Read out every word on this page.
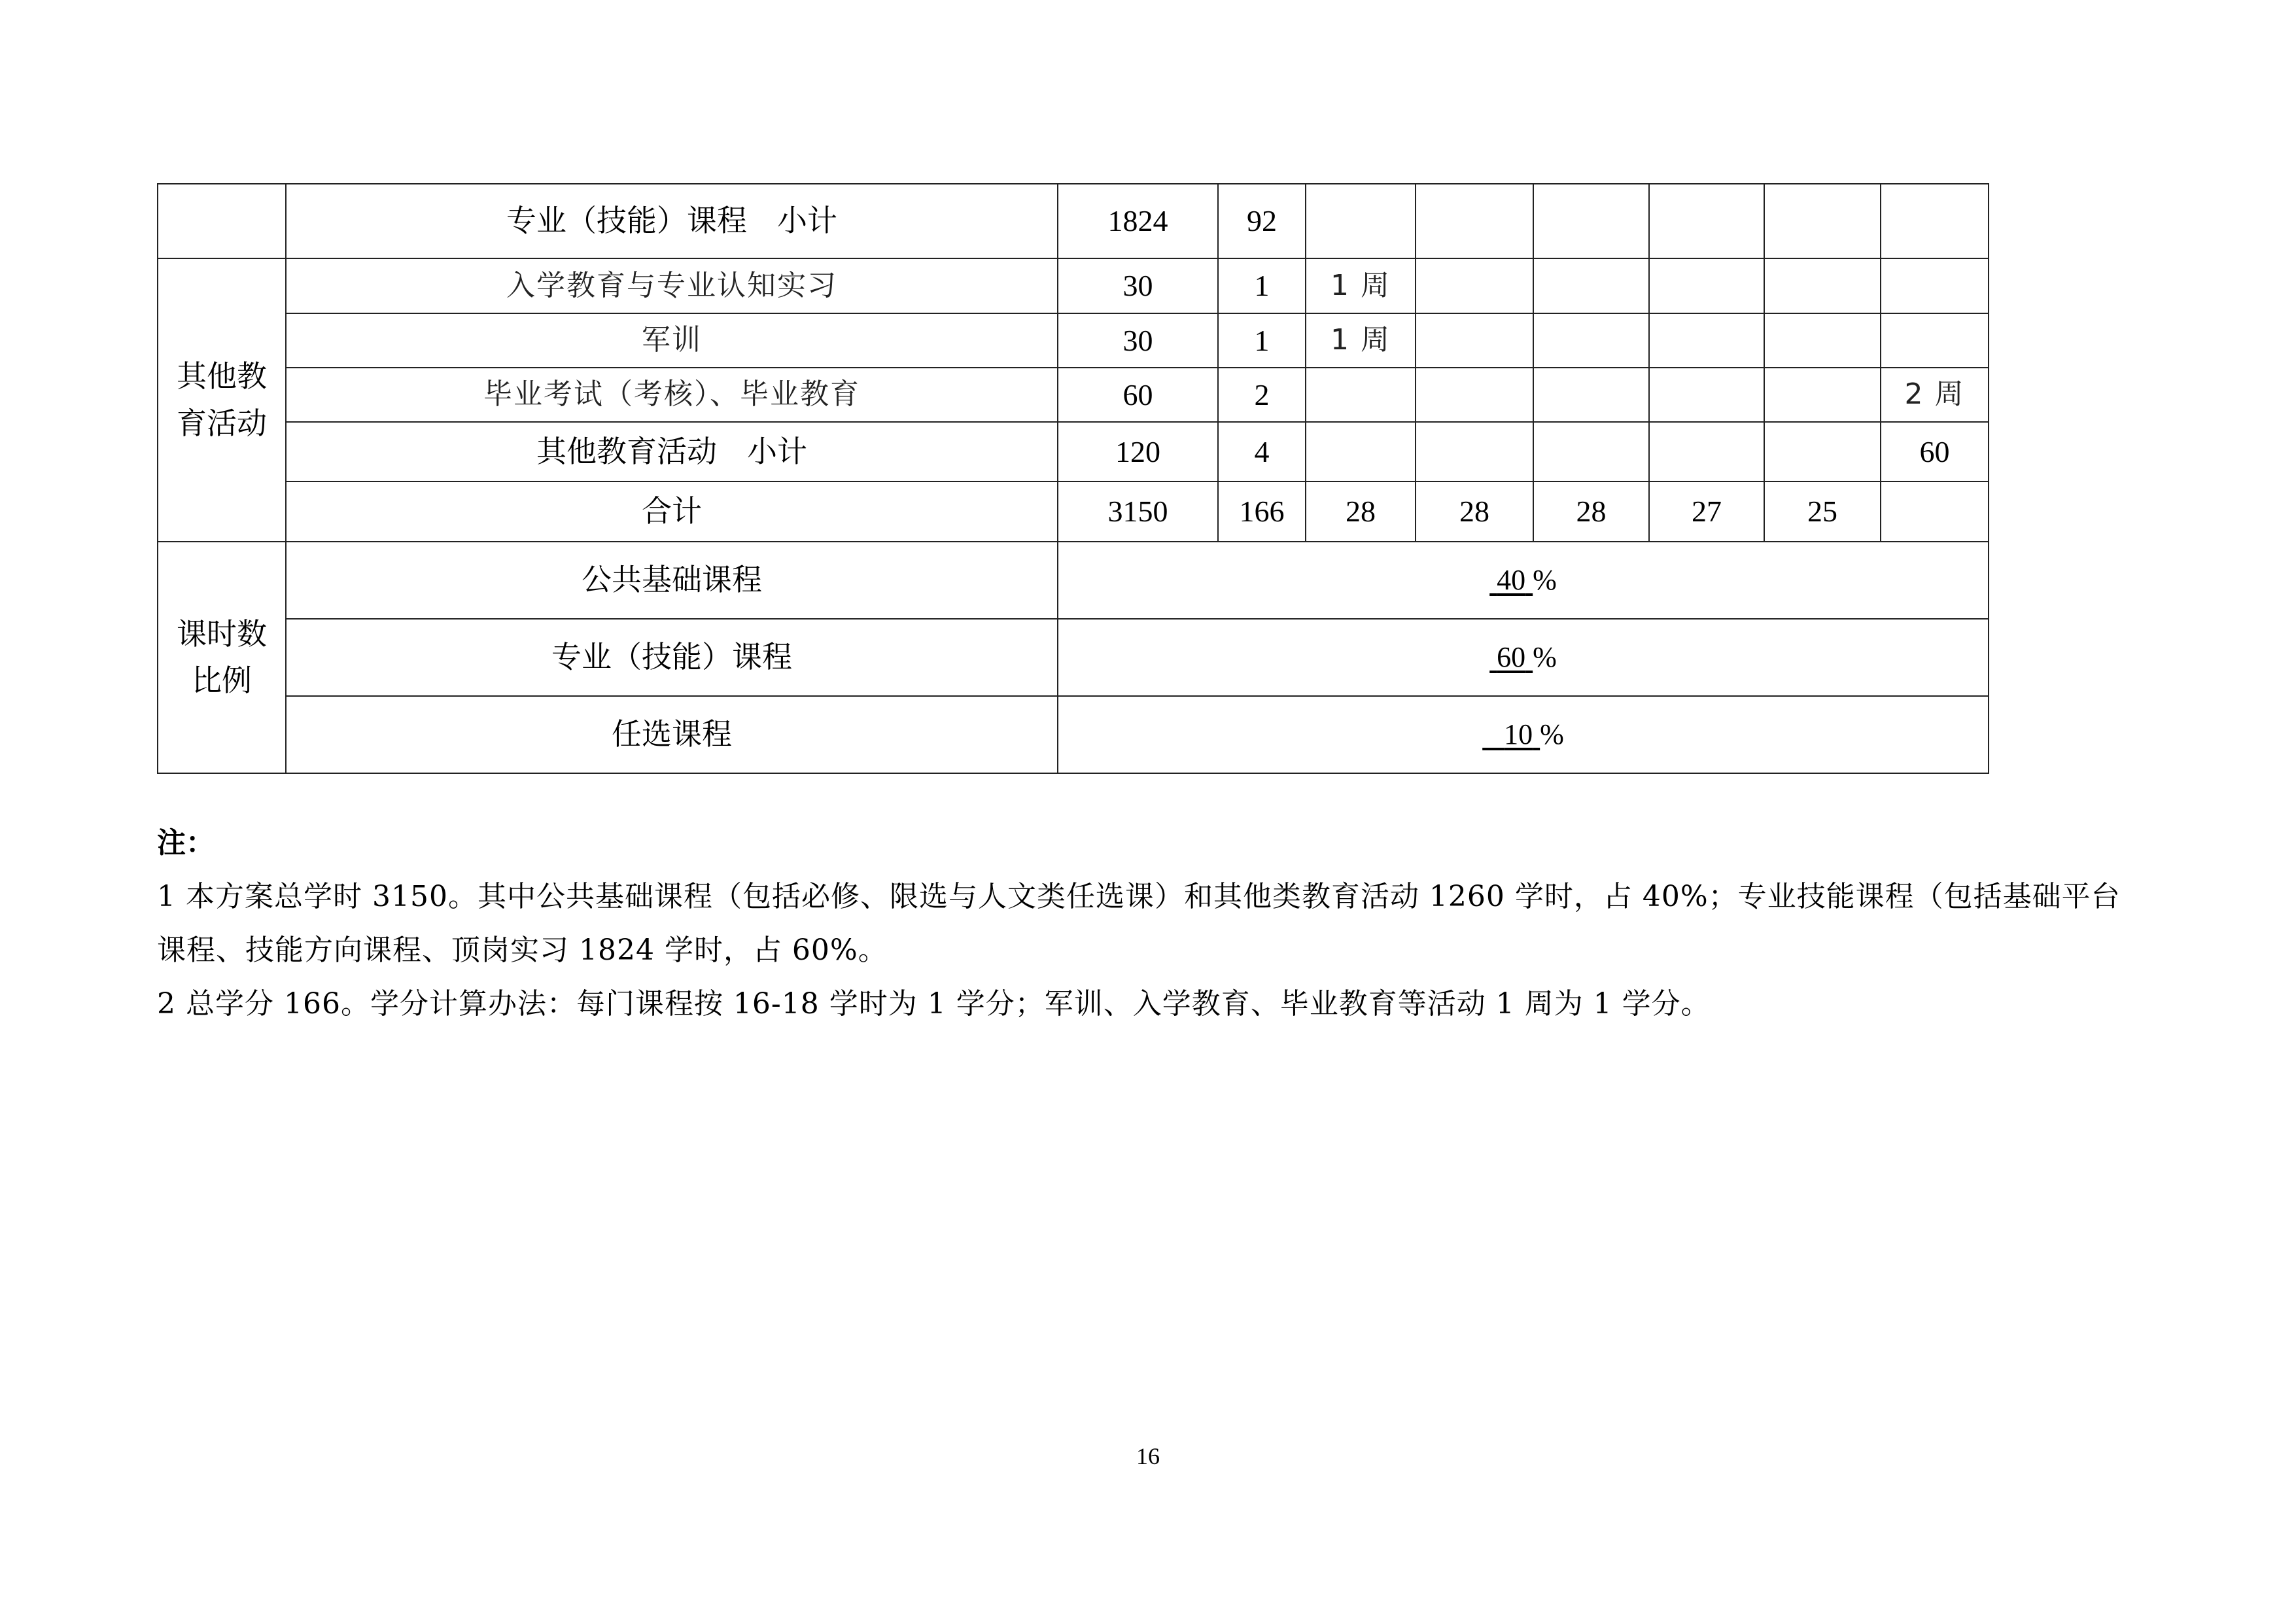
	专业（技能）课程　小计	1824	92						
其他教育活动	入学教育与专业认知实习	30	1	1 周					
	军训	30	1	1 周					
	毕业考试（考核）、毕业教育	60	2						2 周
	其他教育活动　小计	120	4						60
	合计	3150	166	28	28	28	27	25	
课时数比例	公共基础课程	40 %							
	专业（技能）课程	60 %							
	任选课程	10 %							
注：
1 本方案总学时 3150。其中公共基础课程（包括必修、限选与人文类任选课）和其他类教育活动 1260 学时，占 40%；专业技能课程（包括基础平台课程、技能方向课程、顶岗实习 1824 学时，占 60%。
2 总学分 166。学分计算办法：每门课程按 16-18 学时为 1 学分；军训、入学教育、毕业教育等活动 1 周为 1 学分。
16
